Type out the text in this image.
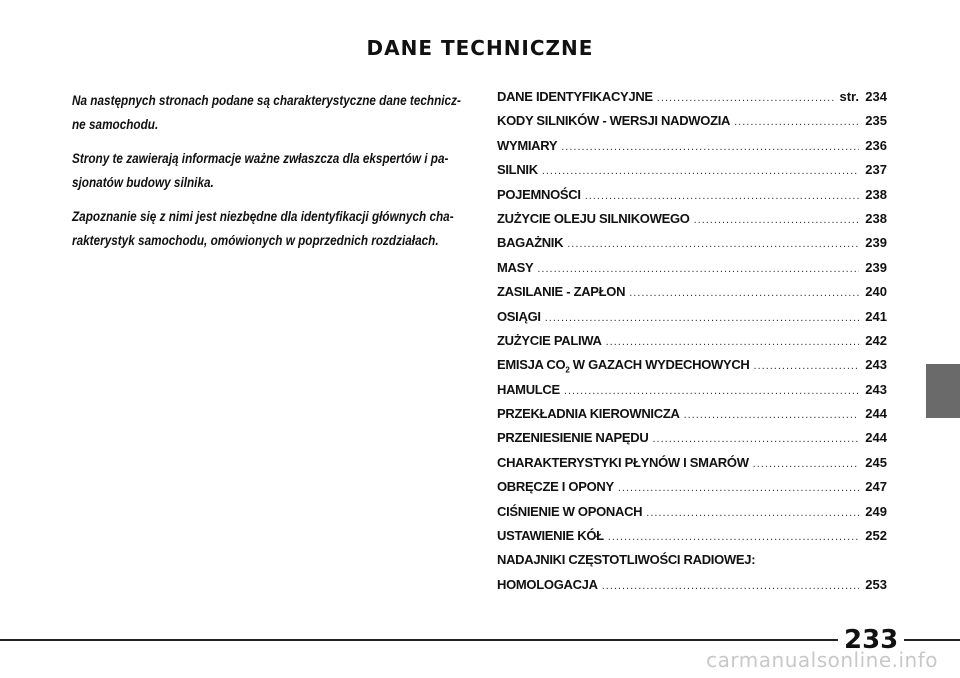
DANE TECHNICZNE

Na następnych stronach podane są charakterystyczne dane technicz-ne samochodu.

Strony te zawierają informacje ważne zwłaszcza dla ekspertów i pa-sjonatów budowy silnika.

Zapoznanie się z nimi jest niezbędne dla identyfikacji głównych cha-rakterystyk samochodu, omówionych w poprzednich rozdziałach.

DANE IDENTYFIKACYJNE .....	str. 234
KODY SILNIKÓW - WERSJI NADWOZIA .....	235
WYMIARY .....	236
SILNIK .....	237
POJEMNOŚCI .....	238
ZUŻYCIE OLEJU SILNIKOWEGO .....	238
BAGAŻNIK .....	239
MASY .....	239
ZASILANIE - ZAPŁON .....	240
OSIĄGI .....	241
ZUŻYCIE PALIWA .....	242
EMISJA $CO_2$ W GAZACH WYDECHOWYCH .....	243
HAMULCE .....	243
PRZEKŁADNIA KIEROWNICZA .....	244
PRZENIESIENIE NAPĘDU .....	244
CHARAKTERYSTYKI PŁYNÓW I SMARÓW .....	245
OBRĘCZE I OPONY .....	247
CIŚNIENIE W OPONACH .....	249
USTAWIENIE KÓŁ .....	252
NADAJNIKI CZĘSTOTLIWOŚCI RADIOWEJ:
HOMOLOGACJA .....	253
233
carmanualsonline.info
